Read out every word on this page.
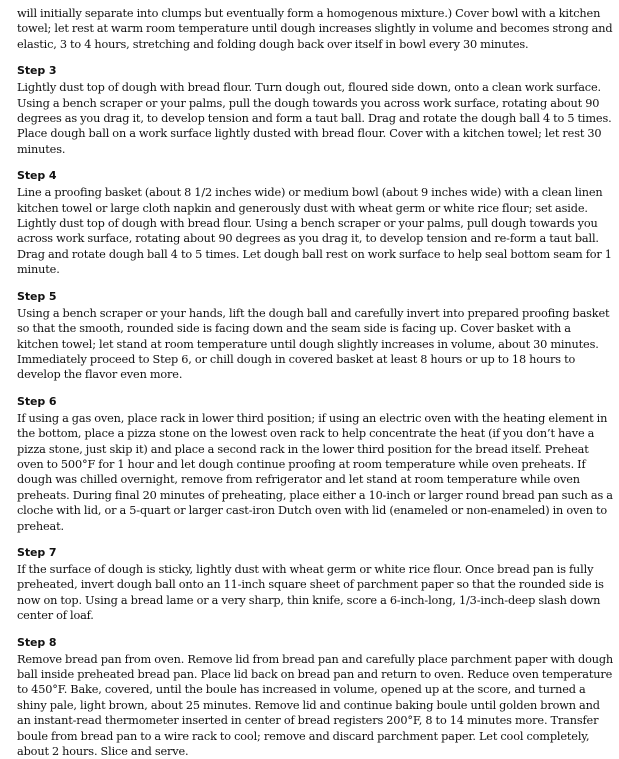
will initially separate into clumps but eventually form a homogenous mixture.) Cover bowl with a kitchen towel; let rest at warm room temperature until dough increases slightly in volume and becomes strong and elastic, 3 to 4 hours, stretching and folding dough back over itself in bowl every 30 minutes.

Step 3

Lightly dust top of dough with bread flour. Turn dough out, floured side down, onto a clean work surface. Using a bench scraper or your palms, pull the dough towards you across work surface, rotating about 90 degrees as you drag it, to develop tension and form a taut ball. Drag and rotate the dough ball 4 to 5 times. Place dough ball on a work surface lightly dusted with bread flour. Cover with a kitchen towel; let rest 30 minutes.

Step 4

Line a proofing basket (about 8 1/2 inches wide) or medium bowl (about 9 inches wide) with a clean linen kitchen towel or large cloth napkin and generously dust with wheat germ or white rice flour; set aside. Lightly dust top of dough with bread flour. Using a bench scraper or your palms, pull dough towards you across work surface, rotating about 90 degrees as you drag it, to develop tension and re-form a taut ball. Drag and rotate dough ball 4 to 5 times. Let dough ball rest on work surface to help seal bottom seam for 1 minute.

Step 5

Using a bench scraper or your hands, lift the dough ball and carefully invert into prepared proofing basket so that the smooth, rounded side is facing down and the seam side is facing up. Cover basket with a kitchen towel; let stand at room temperature until dough slightly increases in volume, about 30 minutes. Immediately proceed to Step 6, or chill dough in covered basket at least 8 hours or up to 18 hours to develop the flavor even more.

Step 6

If using a gas oven, place rack in lower third position; if using an electric oven with the heating element in the bottom, place a pizza stone on the lowest oven rack to help concentrate the heat (if you don’t have a pizza stone, just skip it) and place a second rack in the lower third position for the bread itself. Preheat oven to 500°F for 1 hour and let dough continue proofing at room temperature while oven preheats. If dough was chilled overnight, remove from refrigerator and let stand at room temperature while oven preheats. During final 20 minutes of preheating, place either a 10-inch or larger round bread pan such as a cloche with lid, or a 5-quart or larger cast-iron Dutch oven with lid (enameled or non-enameled) in oven to preheat.

Step 7

If the surface of dough is sticky, lightly dust with wheat germ or white rice flour. Once bread pan is fully preheated, invert dough ball onto an 11-inch square sheet of parchment paper so that the rounded side is now on top. Using a bread lame or a very sharp, thin knife, score a 6-inch-long, 1/3-inch-deep slash down center of loaf.

Step 8

Remove bread pan from oven. Remove lid from bread pan and carefully place parchment paper with dough ball inside preheated bread pan. Place lid back on bread pan and return to oven. Reduce oven temperature to 450°F. Bake, covered, until the boule has increased in volume, opened up at the score, and turned a shiny pale, light brown, about 25 minutes. Remove lid and continue baking boule until golden brown and an instant-read thermometer inserted in center of bread registers 200°F, 8 to 14 minutes more. Transfer boule from bread pan to a wire rack to cool; remove and discard parchment paper. Let cool completely, about 2 hours. Slice and serve.
